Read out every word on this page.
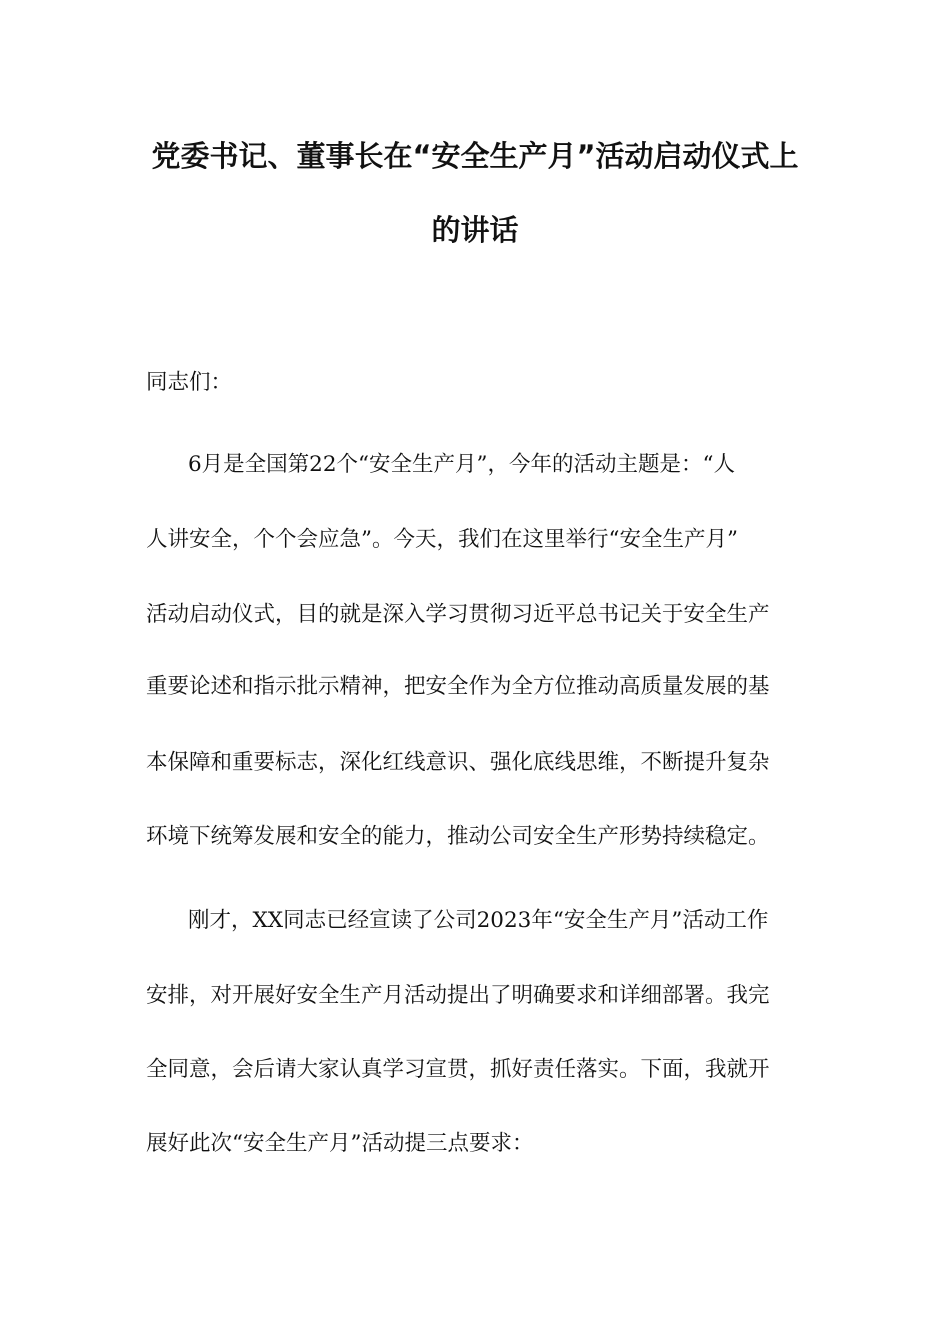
党委书记、董事长在“安全生产月”活动启动仪式上
的讲话
同志们：
6月是全国第22个“安全生产月”，今年的活动主题是：“人
人讲安全，个个会应急”。今天，我们在这里举行“安全生产月”
活动启动仪式，目的就是深入学习贯彻习近平总书记关于安全生产
重要论述和指示批示精神，把安全作为全方位推动高质量发展的基
本保障和重要标志，深化红线意识、强化底线思维，不断提升复杂
环境下统筹发展和安全的能力，推动公司安全生产形势持续稳定。
刚才，XX同志已经宣读了公司2023年“安全生产月”活动工作
安排，对开展好安全生产月活动提出了明确要求和详细部署。我完
全同意，会后请大家认真学习宣贯，抓好责任落实。下面，我就开
展好此次“安全生产月”活动提三点要求：
